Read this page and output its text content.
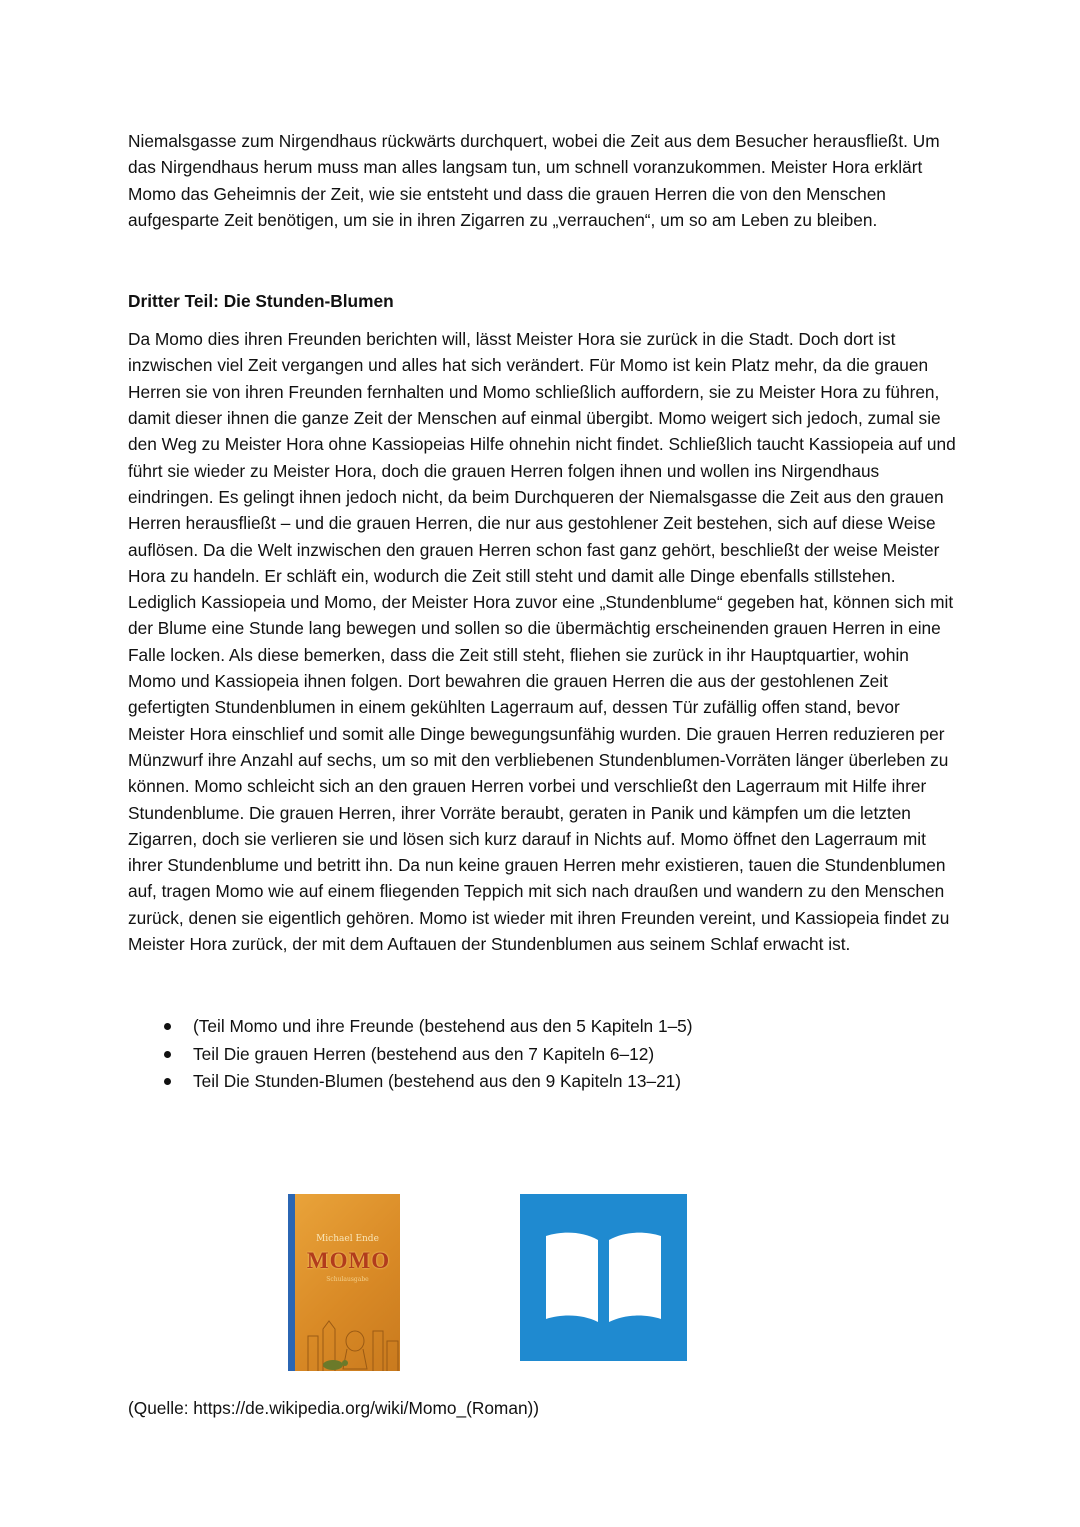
Niemalsgasse zum Nirgendhaus rückwärts durchquert, wobei die Zeit aus dem Besucher herausfließt. Um das Nirgendhaus herum muss man alles langsam tun, um schnell voranzukommen. Meister Hora erklärt Momo das Geheimnis der Zeit, wie sie entsteht und dass die grauen Herren die von den Menschen aufgesparte Zeit benötigen, um sie in ihren Zigarren zu „verrauchen“, um so am Leben zu bleiben.

Dritter Teil: Die Stunden-Blumen

Da Momo dies ihren Freunden berichten will, lässt Meister Hora sie zurück in die Stadt. Doch dort ist inzwischen viel Zeit vergangen und alles hat sich verändert. Für Momo ist kein Platz mehr, da die grauen Herren sie von ihren Freunden fernhalten und Momo schließlich auffordern, sie zu Meister Hora zu führen, damit dieser ihnen die ganze Zeit der Menschen auf einmal übergibt. Momo weigert sich jedoch, zumal sie den Weg zu Meister Hora ohne Kassiopeias Hilfe ohnehin nicht findet. Schließlich taucht Kassiopeia auf und führt sie wieder zu Meister Hora, doch die grauen Herren folgen ihnen und wollen ins Nirgendhaus eindringen. Es gelingt ihnen jedoch nicht, da beim Durchqueren der Niemalsgasse die Zeit aus den grauen Herren herausfließt – und die grauen Herren, die nur aus gestohlener Zeit bestehen, sich auf diese Weise auflösen. Da die Welt inzwischen den grauen Herren schon fast ganz gehört, beschließt der weise Meister Hora zu handeln. Er schläft ein, wodurch die Zeit still steht und damit alle Dinge ebenfalls stillstehen. Lediglich Kassiopeia und Momo, der Meister Hora zuvor eine „Stundenblume“ gegeben hat, können sich mit der Blume eine Stunde lang bewegen und sollen so die übermächtig erscheinenden grauen Herren in eine Falle locken. Als diese bemerken, dass die Zeit still steht, fliehen sie zurück in ihr Hauptquartier, wohin Momo und Kassiopeia ihnen folgen. Dort bewahren die grauen Herren die aus der gestohlenen Zeit gefertigten Stundenblumen in einem gekühlten Lagerraum auf, dessen Tür zufällig offen stand, bevor Meister Hora einschlief und somit alle Dinge bewegungsunfähig wurden. Die grauen Herren reduzieren per Münzwurf ihre Anzahl auf sechs, um so mit den verbliebenen Stundenblumen-Vorräten länger überleben zu können. Momo schleicht sich an den grauen Herren vorbei und verschließt den Lagerraum mit Hilfe ihrer Stundenblume. Die grauen Herren, ihrer Vorräte beraubt, geraten in Panik und kämpfen um die letzten Zigarren, doch sie verlieren sie und lösen sich kurz darauf in Nichts auf. Momo öffnet den Lagerraum mit ihrer Stundenblume und betritt ihn. Da nun keine grauen Herren mehr existieren, tauen die Stundenblumen auf, tragen Momo wie auf einem fliegenden Teppich mit sich nach draußen und wandern zu den Menschen zurück, denen sie eigentlich gehören. Momo ist wieder mit ihren Freunden vereint, und Kassiopeia findet zu Meister Hora zurück, der mit dem Auftauen der Stundenblumen aus seinem Schlaf erwacht ist.

(Teil Momo und ihre Freunde (bestehend aus den 5 Kapiteln 1–5)
Teil Die grauen Herren (bestehend aus den 7 Kapiteln 6–12)
Teil Die Stunden-Blumen (bestehend aus den 9 Kapiteln 13–21)
Michael Ende
MOMO
Schulausgabe
(Quelle: https://de.wikipedia.org/wiki/Momo_(Roman))
